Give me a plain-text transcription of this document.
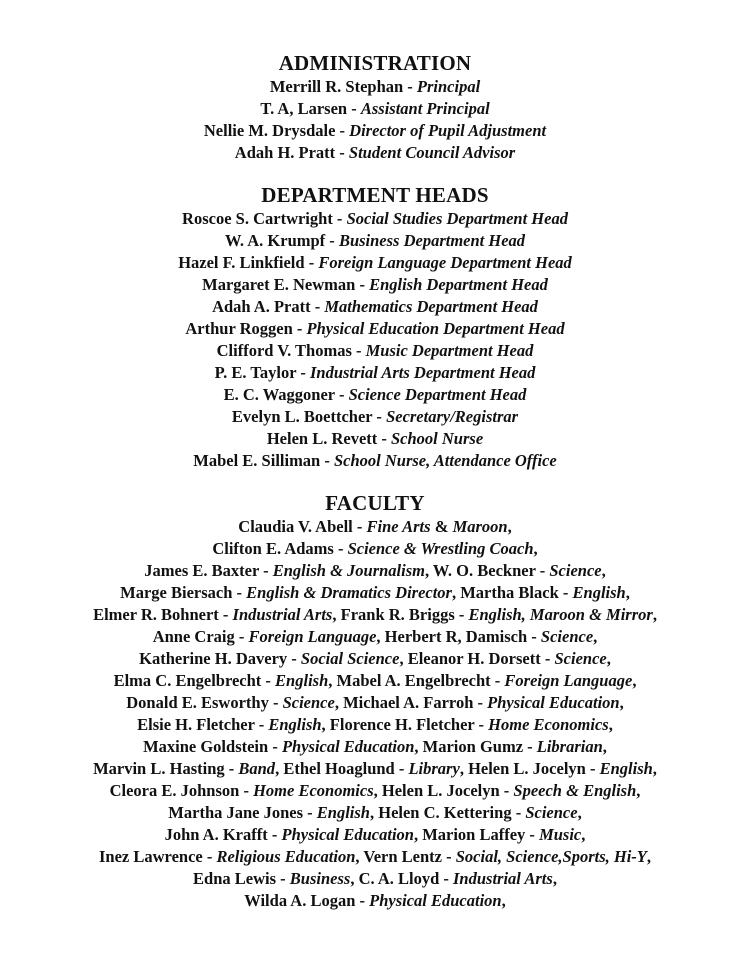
ADMINISTRATION

Merrill R. Stephan - Principal

T. A, Larsen - Assistant Principal

Nellie M. Drysdale - Director of Pupil Adjustment

Adah H. Pratt - Student Council Advisor

DEPARTMENT HEADS

Roscoe S. Cartwright - Social Studies Department Head

W. A. Krumpf - Business Department Head

Hazel F. Linkfield - Foreign Language Department Head

Margaret E. Newman - English Department Head

Adah A. Pratt - Mathematics Department Head

Arthur Roggen - Physical Education Department Head

Clifford V. Thomas - Music Department Head

P. E. Taylor - Industrial Arts Department Head

E. C. Waggoner - Science Department Head

Evelyn L. Boettcher - Secretary/Registrar

Helen L. Revett - School Nurse

Mabel E. Silliman - School Nurse, Attendance Office

FACULTY

Claudia V. Abell - Fine Arts & Maroon,

Clifton E. Adams - Science & Wrestling Coach,

James E. Baxter - English & Journalism, W. O. Beckner - Science,

Marge Biersach - English & Dramatics Director, Martha Black - English,

Elmer R. Bohnert - Industrial Arts, Frank R. Briggs - English, Maroon & Mirror,

Anne Craig - Foreign Language, Herbert R, Damisch - Science,

Katherine H. Davery - Social Science, Eleanor H. Dorsett - Science,

Elma C. Engelbrecht - English, Mabel A. Engelbrecht - Foreign Language,

Donald E. Esworthy - Science, Michael A. Farroh - Physical Education,

Elsie H. Fletcher - English, Florence H. Fletcher - Home Economics,

Maxine Goldstein - Physical Education, Marion Gumz - Librarian,

Marvin L. Hasting - Band, Ethel Hoaglund - Library, Helen L. Jocelyn - English,

Cleora E. Johnson - Home Economics, Helen L. Jocelyn - Speech & English,

Martha Jane Jones - English, Helen C. Kettering - Science,

John A. Krafft - Physical Education, Marion Laffey - Music,

Inez Lawrence - Religious Education, Vern Lentz - Social, Science,Sports, Hi-Y,

Edna Lewis - Business, C. A. Lloyd - Industrial Arts,

Wilda A. Logan - Physical Education,
